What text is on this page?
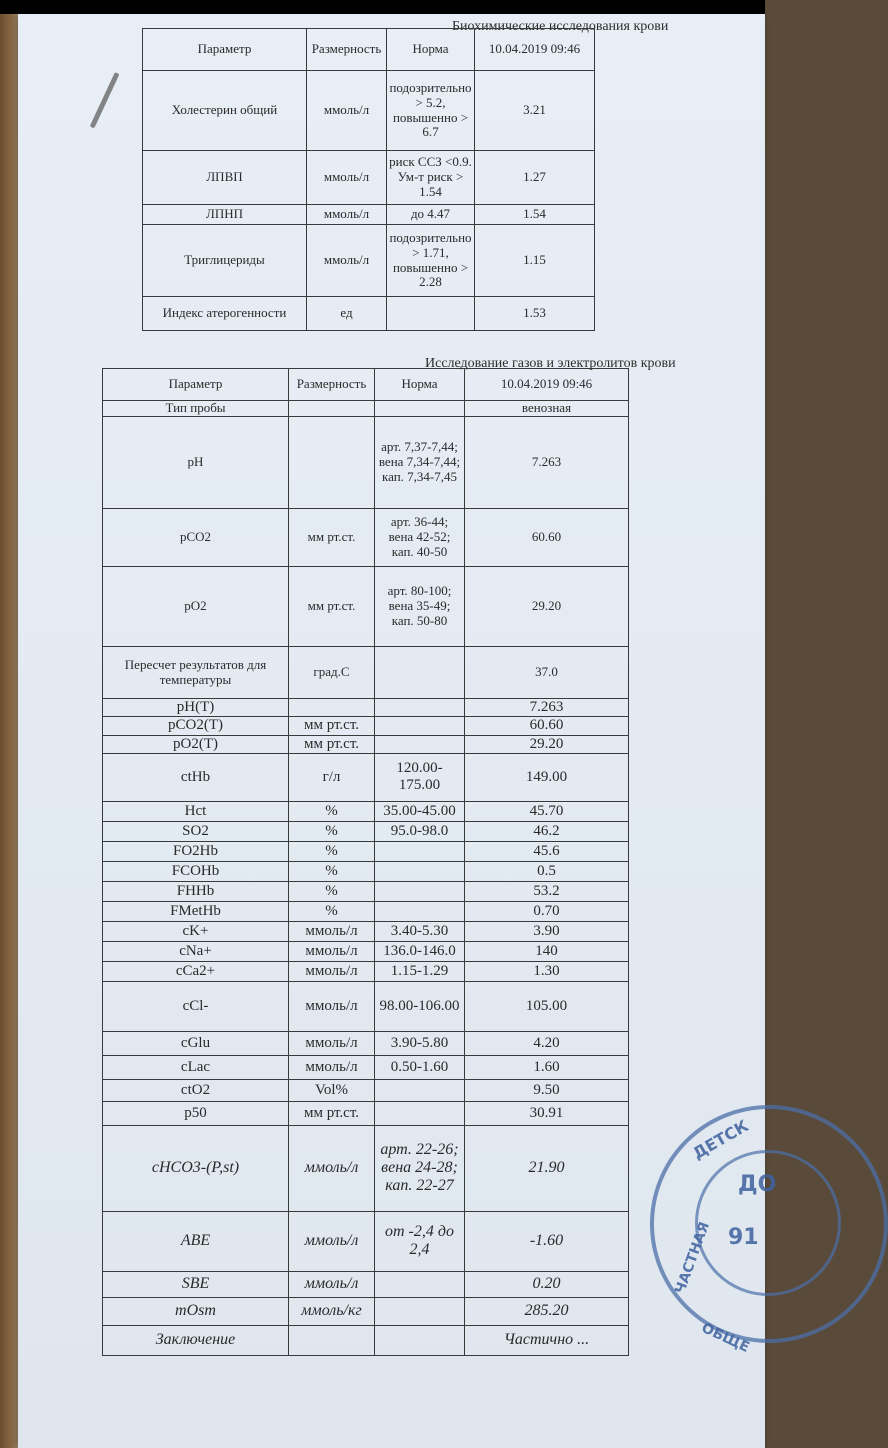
Биохимические исследования крови
Параметр	Размерность	Норма	10.04.2019 09:46
Холестерин общий	ммоль/л	подозрительно > 5.2, повышенно > 6.7	3.21
ЛПВП	ммоль/л	риск ССЗ <0.9. Ум-т риск > 1.54	1.27
ЛПНП	ммоль/л	до 4.47	1.54
Триглицериды	ммоль/л	подозрительно > 1.71, повышенно > 2.28	1.15
Индекс атерогенности	ед		1.53
Исследование газов и электролитов крови
Параметр	Размерность	Норма	10.04.2019 09:46
Тип пробы			венозная
pH		арт. 7,37-7,44; вена 7,34-7,44; кап. 7,34-7,45	7.263
pCO2	мм рт.ст.	арт. 36-44; вена 42-52; кап. 40-50	60.60
pO2	мм рт.ст.	арт. 80-100; вена 35-49; кап. 50-80	29.20
Пересчет результатов для температуры	град.С		37.0
pH(T)			7.263
pCO2(T)	мм рт.ст.		60.60
pO2(T)	мм рт.ст.		29.20
ctHb	г/л	120.00-175.00	149.00
Hct	%	35.00-45.00	45.70
SO2	%	95.0-98.0	46.2
FO2Hb	%		45.6
FCOHb	%		0.5
FHHb	%		53.2
FMetHb	%		0.70
cK+	ммоль/л	3.40-5.30	3.90
cNa+	ммоль/л	136.0-146.0	140
cCa2+	ммоль/л	1.15-1.29	1.30
cCl-	ммоль/л	98.00-106.00	105.00
cGlu	ммоль/л	3.90-5.80	4.20
cLac	ммоль/л	0.50-1.60	1.60
ctO2	Vol%		9.50
p50	мм рт.ст.		30.91
cHCO3-(P,st)	ммоль/л	арт. 22-26; вена 24-28; кап. 22-27	21.90
ABE	ммоль/л	от -2,4 до 2,4	-1.60
SBE	ммоль/л		0.20
mOsm	ммоль/кг		285.20
Заключение			Частично ...
ДЕТСК
ДО
91
ЧАСТНАЯ
ОБЩЕ
